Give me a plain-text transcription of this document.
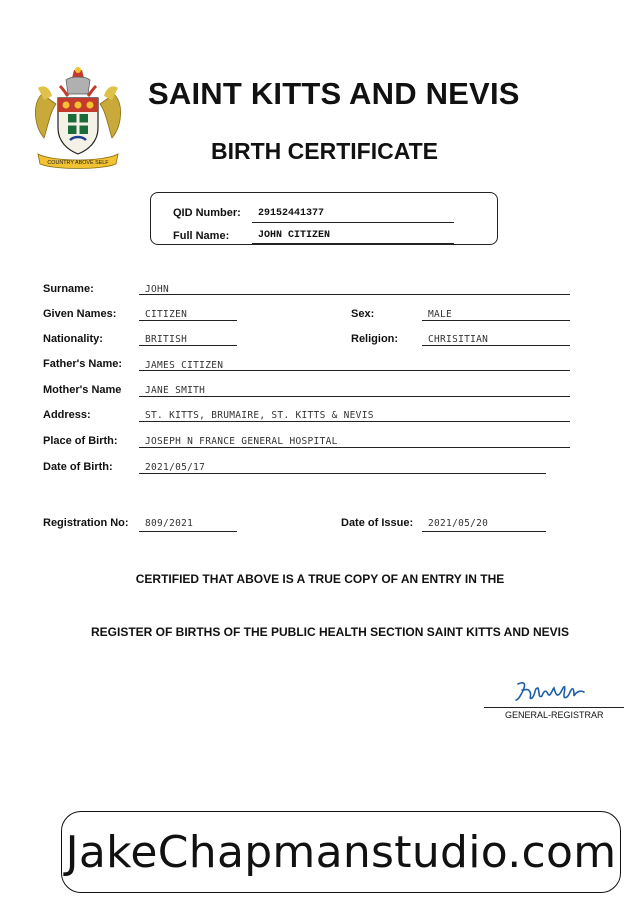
COUNTRY ABOVE SELF
SAINT KITTS AND NEVIS
BIRTH CERTIFICATE
QID Number: 29152441377
Full Name:	JOHN CITIZEN
Surname:	JOHN
Given Names:	CITIZEN	Sex:	MALE
Nationality:	BRITISH	Religion:	CHRISITIAN
Father's Name: JAMES CITIZEN
Mother's Name JANE SMITH
Address:	ST. KITTS, BRUMAIRE, ST. KITTS & NEVIS
Place of Birth:	JOSEPH N FRANCE GENERAL HOSPITAL
Date of Birth:	2021/05/17
Registration No: 809/2021	Date of Issue: 2021/05/20
CERTIFIED THAT ABOVE IS A TRUE COPY OF AN ENTRY IN THE
REGISTER OF BIRTHS OF THE PUBLIC HEALTH SECTION SAINT KITTS AND NEVIS
GENERAL-REGISTRAR
JakeChapmanstudio.com
